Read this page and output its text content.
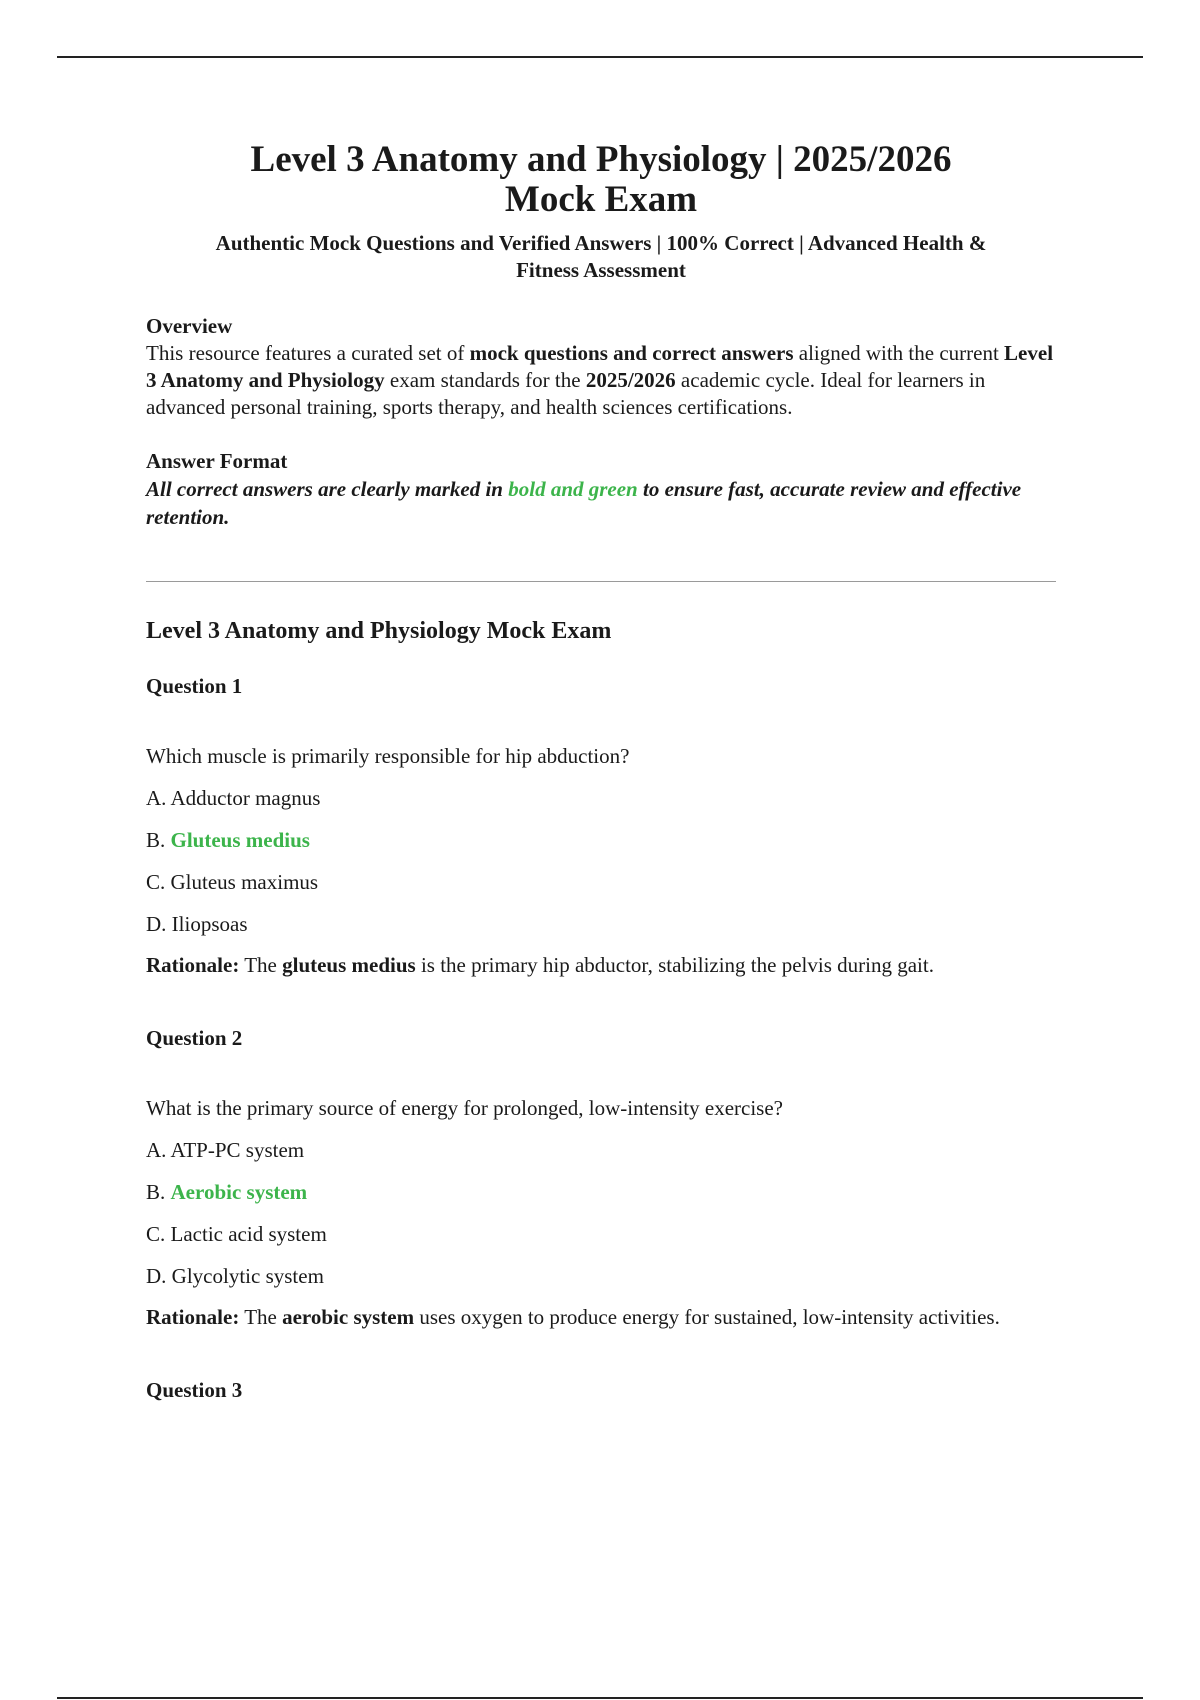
Level 3 Anatomy and Physiology | 2025/2026
Mock Exam

Authentic Mock Questions and Verified Answers | 100% Correct | Advanced Health &
Fitness Assessment

Overview

This resource features a curated set of mock questions and correct answers aligned with the current Level 3 Anatomy and Physiology exam standards for the 2025/2026 academic cycle. Ideal for learners in advanced personal training, sports therapy, and health sciences certifications.

Answer Format

All correct answers are clearly marked in bold and green to ensure fast, accurate review and effective retention.

Level 3 Anatomy and Physiology Mock Exam

Question 1

Which muscle is primarily responsible for hip abduction?

A. Adductor magnus

B. Gluteus medius

C. Gluteus maximus

D. Iliopsoas

Rationale: The gluteus medius is the primary hip abductor, stabilizing the pelvis during gait.

Question 2

What is the primary source of energy for prolonged, low-intensity exercise?

A. ATP-PC system

B. Aerobic system

C. Lactic acid system

D. Glycolytic system

Rationale: The aerobic system uses oxygen to produce energy for sustained, low-intensity activities.

Question 3
